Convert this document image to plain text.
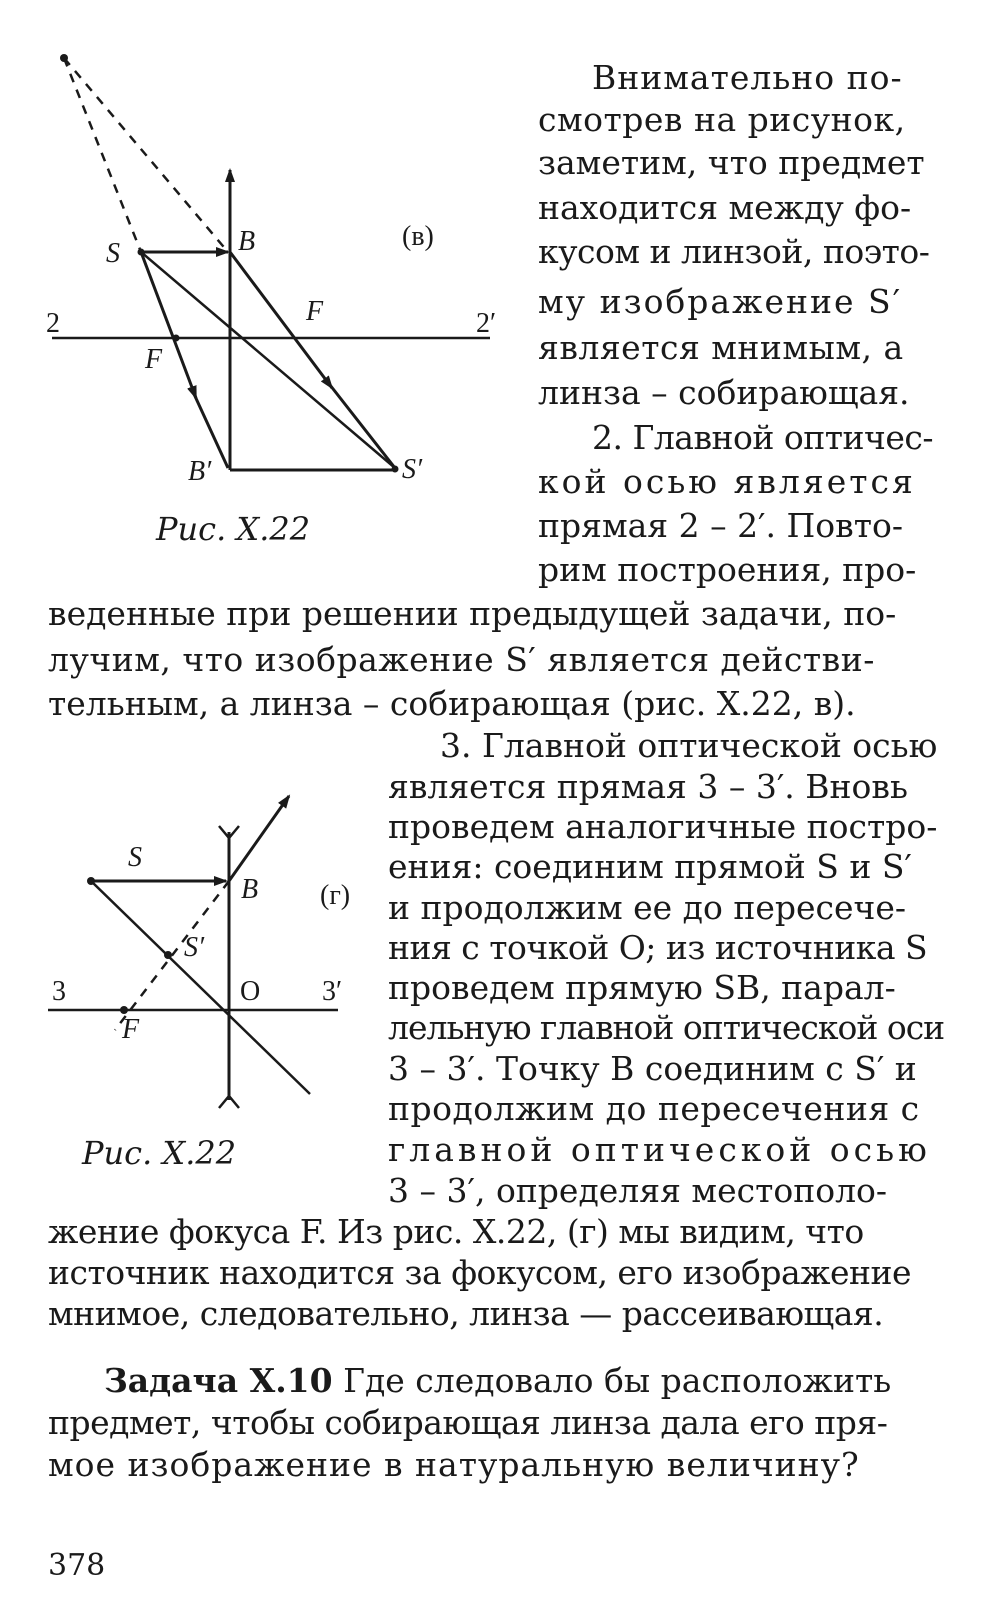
S	B	(в)
F
F
2	2′
B′	S′
Рис. X.22
Внимательно по-
смотрев на рисунок,
заметим, что предмет
находится между фо-
кусом и линзой, поэто-
му изображение S′
является мнимым, а
линза – собирающая.
2. Главной оптичес-
кой осью является
прямая 2 – 2′. Повто-
рим построения, про-
веденные при решении предыдущей задачи, по-
лучим, что изображение S′ является действи-
тельным, а линза – собирающая (рис. X.22, в).
S
B (г)
S′
O
3	3′
F
Рис. X.22
3. Главной оптической осью
является прямая 3 – 3′. Вновь
проведем аналогичные постро-
ения: соединим прямой S и S′
и продолжим ее до пересече-
ния с точкой О; из источника S
проведем прямую SB, парал-
лельную главной оптической оси
3 – 3′. Точку B соединим с S′ и
продолжим до пересечения с
главной оптической осью
3 – 3′, определяя местополо-
жение фокуса F. Из рис. X.22, (г) мы видим, что
источник находится за фокусом, его изображение
мнимое, следовательно, линза — рассеивающая.
Задача X.10 Где следовало бы расположить
предмет, чтобы собирающая линза дала его пря-
мое изображение в натуральную величину?
378
